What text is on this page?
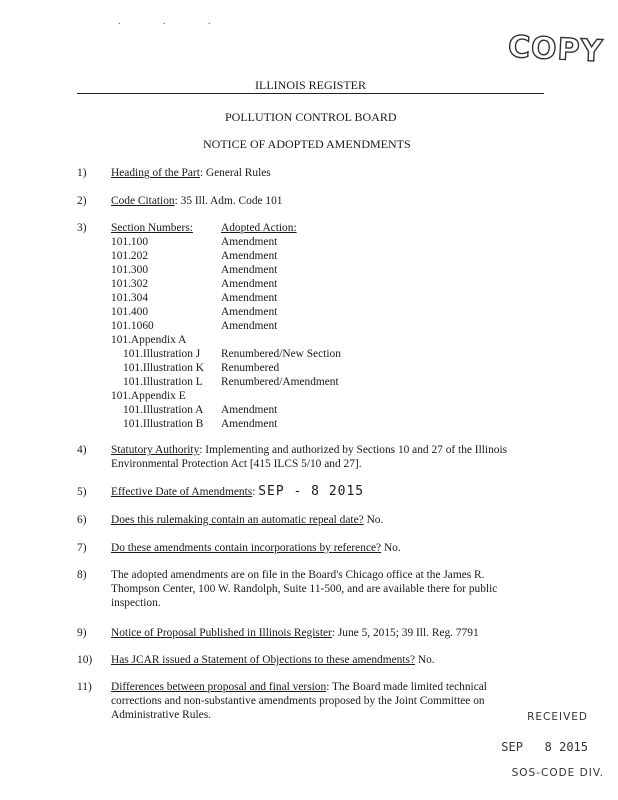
COPY
. . .
ILLINOIS REGISTER
POLLUTION CONTROL BOARD
NOTICE OF ADOPTED AMENDMENTS
1)	Heading of the Part: General Rules
2)	Code Citation: 35 Ill. Adm. Code 101
3)	Section Numbers: Adopted Action:
101.100	Amendment
101.202	Amendment
101.300	Amendment
101.302	Amendment
101.304	Amendment
101.400	Amendment
101.1060	Amendment
101.Appendix A
101.Illustration J Renumbered/New Section
101.Illustration K Renumbered
101.Illustration L Renumbered/Amendment
101.Appendix E
101.Illustration A Amendment
101.Illustration B Amendment
4)	Statutory Authority: Implementing and authorized by Sections 10 and 27 of the Illinois Environmental Protection Act [415 ILCS 5/10 and 27].
5)	Effective Date of Amendments: SEP - 8 2015
6)	Does this rulemaking contain an automatic repeal date? No.
7)	Do these amendments contain incorporations by reference? No.
8)	The adopted amendments are on file in the Board's Chicago office at the James R. Thompson Center, 100 W. Randolph, Suite 11-500, and are available there for public inspection.
9)	Notice of Proposal Published in Illinois Register: June 5, 2015; 39 Ill. Reg. 7791
10)	Has JCAR issued a Statement of Objections to these amendments? No.
11)	Differences between proposal and final version: The Board made limited technical corrections and non-substantive amendments proposed by the Joint Committee on Administrative Rules.	RECEIVED
SEP   8 2015
SOS-CODE DIV.
